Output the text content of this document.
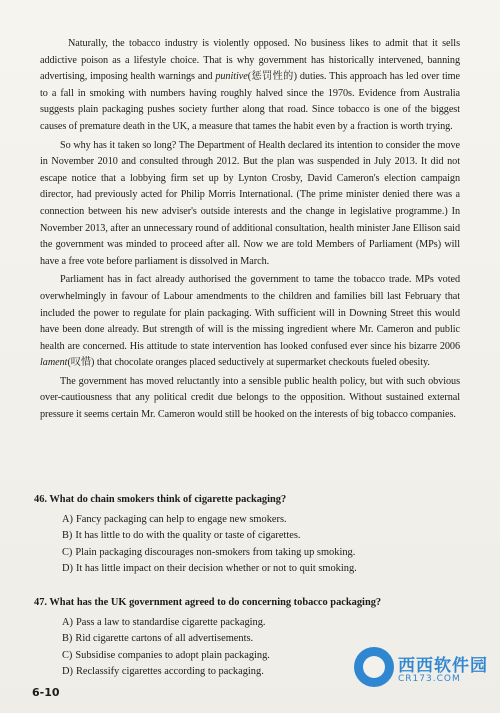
Naturally, the tobacco industry is violently opposed. No business likes to admit that it sells addictive poison as a lifestyle choice. That is why government has historically intervened, banning advertising, imposing health warnings and punitive(惩罚性的) duties. This approach has led over time to a fall in smoking with numbers having roughly halved since the 1970s. Evidence from Australia suggests plain packaging pushes society further along that road. Since tobacco is one of the biggest causes of premature death in the UK, a measure that tames the habit even by a fraction is worth trying.

So why has it taken so long? The Department of Health declared its intention to consider the move in November 2010 and consulted through 2012. But the plan was suspended in July 2013. It did not escape notice that a lobbying firm set up by Lynton Crosby, David Cameron's election campaign director, had previously acted for Philip Morris International. (The prime minister denied there was a connection between his new adviser's outside interests and the change in legislative programme.) In November 2013, after an unnecessary round of additional consultation, health minister Jane Ellison said the government was minded to proceed after all. Now we are told Members of Parliament (MPs) will have a free vote before parliament is dissolved in March.

Parliament has in fact already authorised the government to tame the tobacco trade. MPs voted overwhelmingly in favour of Labour amendments to the children and families bill last February that included the power to regulate for plain packaging. With sufficient will in Downing Street this would have been done already. But strength of will is the missing ingredient where Mr. Cameron and public health are concerned. His attitude to state intervention has looked confused ever since his bizarre 2006 lament(叹惜) that chocolate oranges placed seductively at supermarket checkouts fueled obesity.

The government has moved reluctantly into a sensible public health policy, but with such obvious over-cautiousness that any political credit due belongs to the opposition. Without sustained external pressure it seems certain Mr. Cameron would still be hooked on the interests of big tobacco companies.

46. What do chain smokers think of cigarette packaging?

A) Fancy packaging can help to engage new smokers.

B) It has little to do with the quality or taste of cigarettes.

C) Plain packaging discourages non-smokers from taking up smoking.

D) It has little impact on their decision whether or not to quit smoking.

47. What has the UK government agreed to do concerning tobacco packaging?

A) Pass a law to standardise cigarette packaging.

B) Rid cigarette cartons of all advertisements.

C) Subsidise companies to adopt plain packaging.

D) Reclassify cigarettes according to packaging.

6-10
西西软件园
CR173.COM
